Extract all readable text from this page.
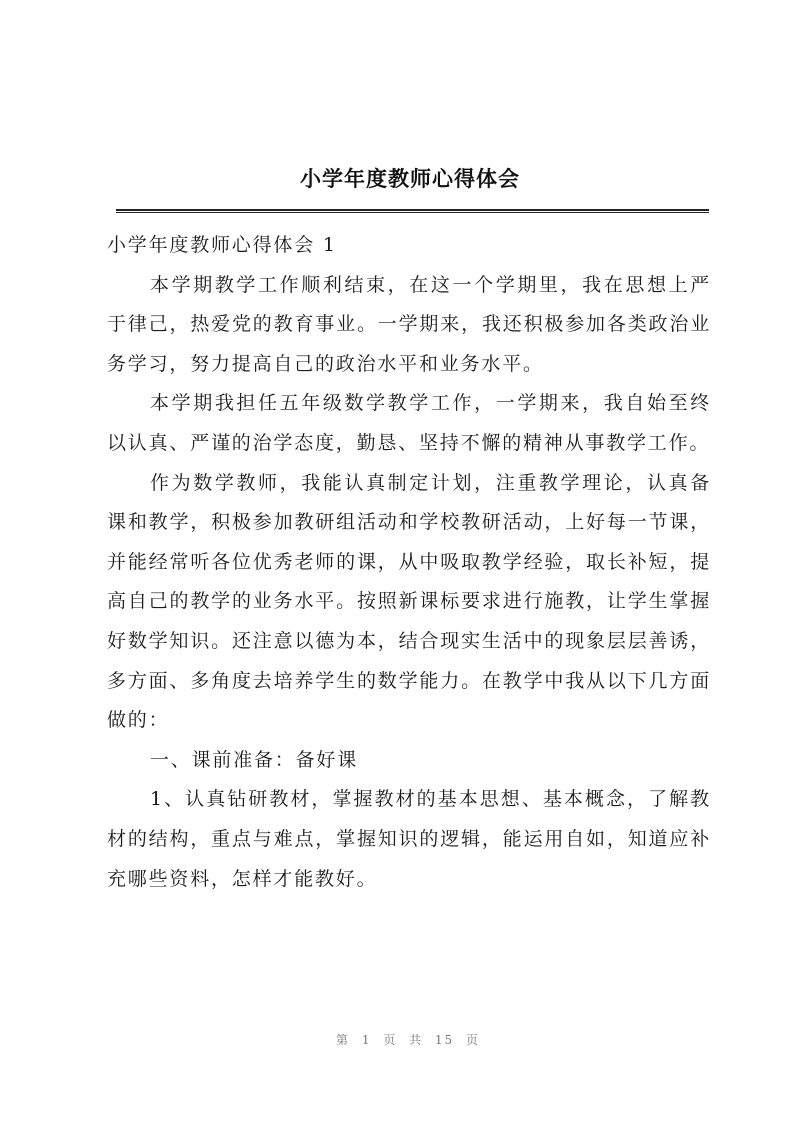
小学年度教师心得体会

小学年度教师心得体会 1

本学期教学工作顺利结束，在这一个学期里，我在思想上严于律己，热爱党的教育事业。一学期来，我还积极参加各类政治业务学习，努力提高自己的政治水平和业务水平。

本学期我担任五年级数学教学工作，一学期来，我自始至终以认真、严谨的治学态度，勤恳、坚持不懈的精神从事教学工作。

作为数学教师，我能认真制定计划，注重教学理论，认真备课和教学，积极参加教研组活动和学校教研活动，上好每一节课，并能经常听各位优秀老师的课，从中吸取教学经验，取长补短，提高自己的教学的业务水平。按照新课标要求进行施教，让学生掌握好数学知识。还注意以德为本，结合现实生活中的现象层层善诱，多方面、多角度去培养学生的数学能力。在教学中我从以下几方面做的：

一、课前准备：备好课

1、认真钻研教材，掌握教材的基本思想、基本概念，了解教材的结构，重点与难点，掌握知识的逻辑，能运用自如，知道应补充哪些资料，怎样才能教好。

第 1 页 共 15 页
